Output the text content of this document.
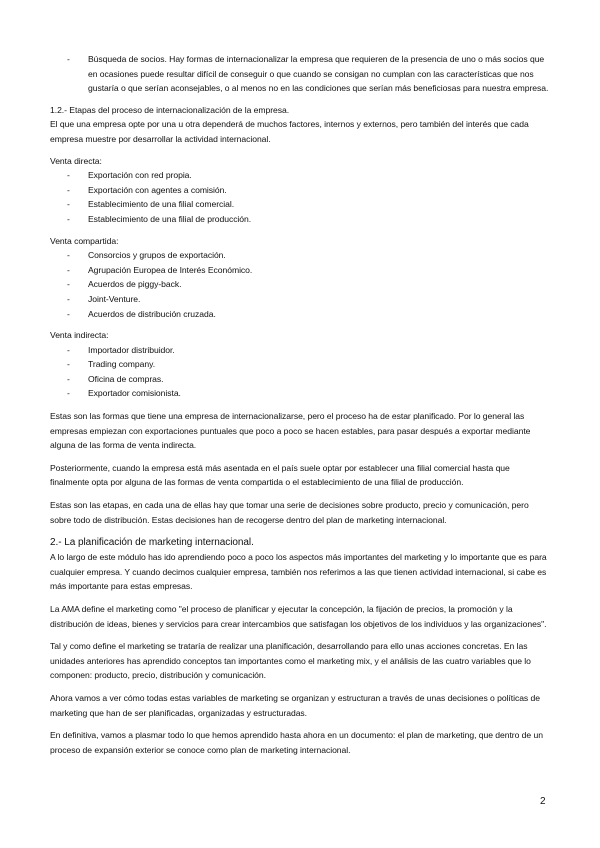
- Búsqueda de socios. Hay formas de internacionalizar la empresa que requieren de la presencia de uno o más socios que en ocasiones puede resultar difícil de conseguir o que cuando se consigan no cumplan con las características que nos gustaría o que serían aconsejables, o al menos no en las condiciones que serían más beneficiosas para nuestra empresa.

1.2.- Etapas del proceso de internacionalización de la empresa.

El que una empresa opte por una u otra dependerá de muchos factores, internos y externos, pero también del interés que cada empresa muestre por desarrollar la actividad internacional.

Venta directa:

- Exportación con red propia.

- Exportación con agentes a comisión.

- Establecimiento de una filial comercial.

- Establecimiento de una filial de producción.

Venta compartida:

- Consorcios y grupos de exportación.

- Agrupación Europea de Interés Económico.

- Acuerdos de piggy-back.

- Joint-Venture.

- Acuerdos de distribución cruzada.

Venta indirecta:

- Importador distribuidor.

- Trading company.

- Oficina de compras.

- Exportador comisionista.

Estas son las formas que tiene una empresa de internacionalizarse, pero el proceso ha de estar planificado. Por lo general las empresas empiezan con exportaciones puntuales que poco a poco se hacen estables, para pasar después a exportar mediante alguna de las forma de venta indirecta.

Posteriormente, cuando la empresa está más asentada en el país suele optar por establecer una filial comercial hasta que finalmente opta por alguna de las formas de venta compartida o el establecimiento de una filial de producción.

Estas son las etapas, en cada una de ellas hay que tomar una serie de decisiones sobre producto, precio y comunicación, pero sobre todo de distribución. Estas decisiones han de recogerse dentro del plan de marketing internacional.

2.- La planificación de marketing internacional.

A lo largo de este módulo has ido aprendiendo poco a poco los aspectos más importantes del marketing y lo importante que es para cualquier empresa. Y cuando decimos cualquier empresa, también nos referimos a las que tienen actividad internacional, si cabe es más importante para estas empresas.

La AMA define el marketing como "el proceso de planificar y ejecutar la concepción, la fijación de precios, la promoción y la distribución de ideas, bienes y servicios para crear intercambios que satisfagan los objetivos de los individuos y las organizaciones".

Tal y como define el marketing se trataría de realizar una planificación, desarrollando para ello unas acciones concretas. En las unidades anteriores has aprendido conceptos tan importantes como el marketing mix, y el análisis de las cuatro variables que lo componen: producto, precio, distribución y comunicación.

Ahora vamos a ver cómo todas estas variables de marketing se organizan y estructuran a través de unas decisiones o políticas de marketing que han de ser planificadas, organizadas y estructuradas.

En definitiva, vamos a plasmar todo lo que hemos aprendido hasta ahora en un documento: el plan de marketing, que dentro de un proceso de expansión exterior se conoce como plan de marketing internacional.

2
